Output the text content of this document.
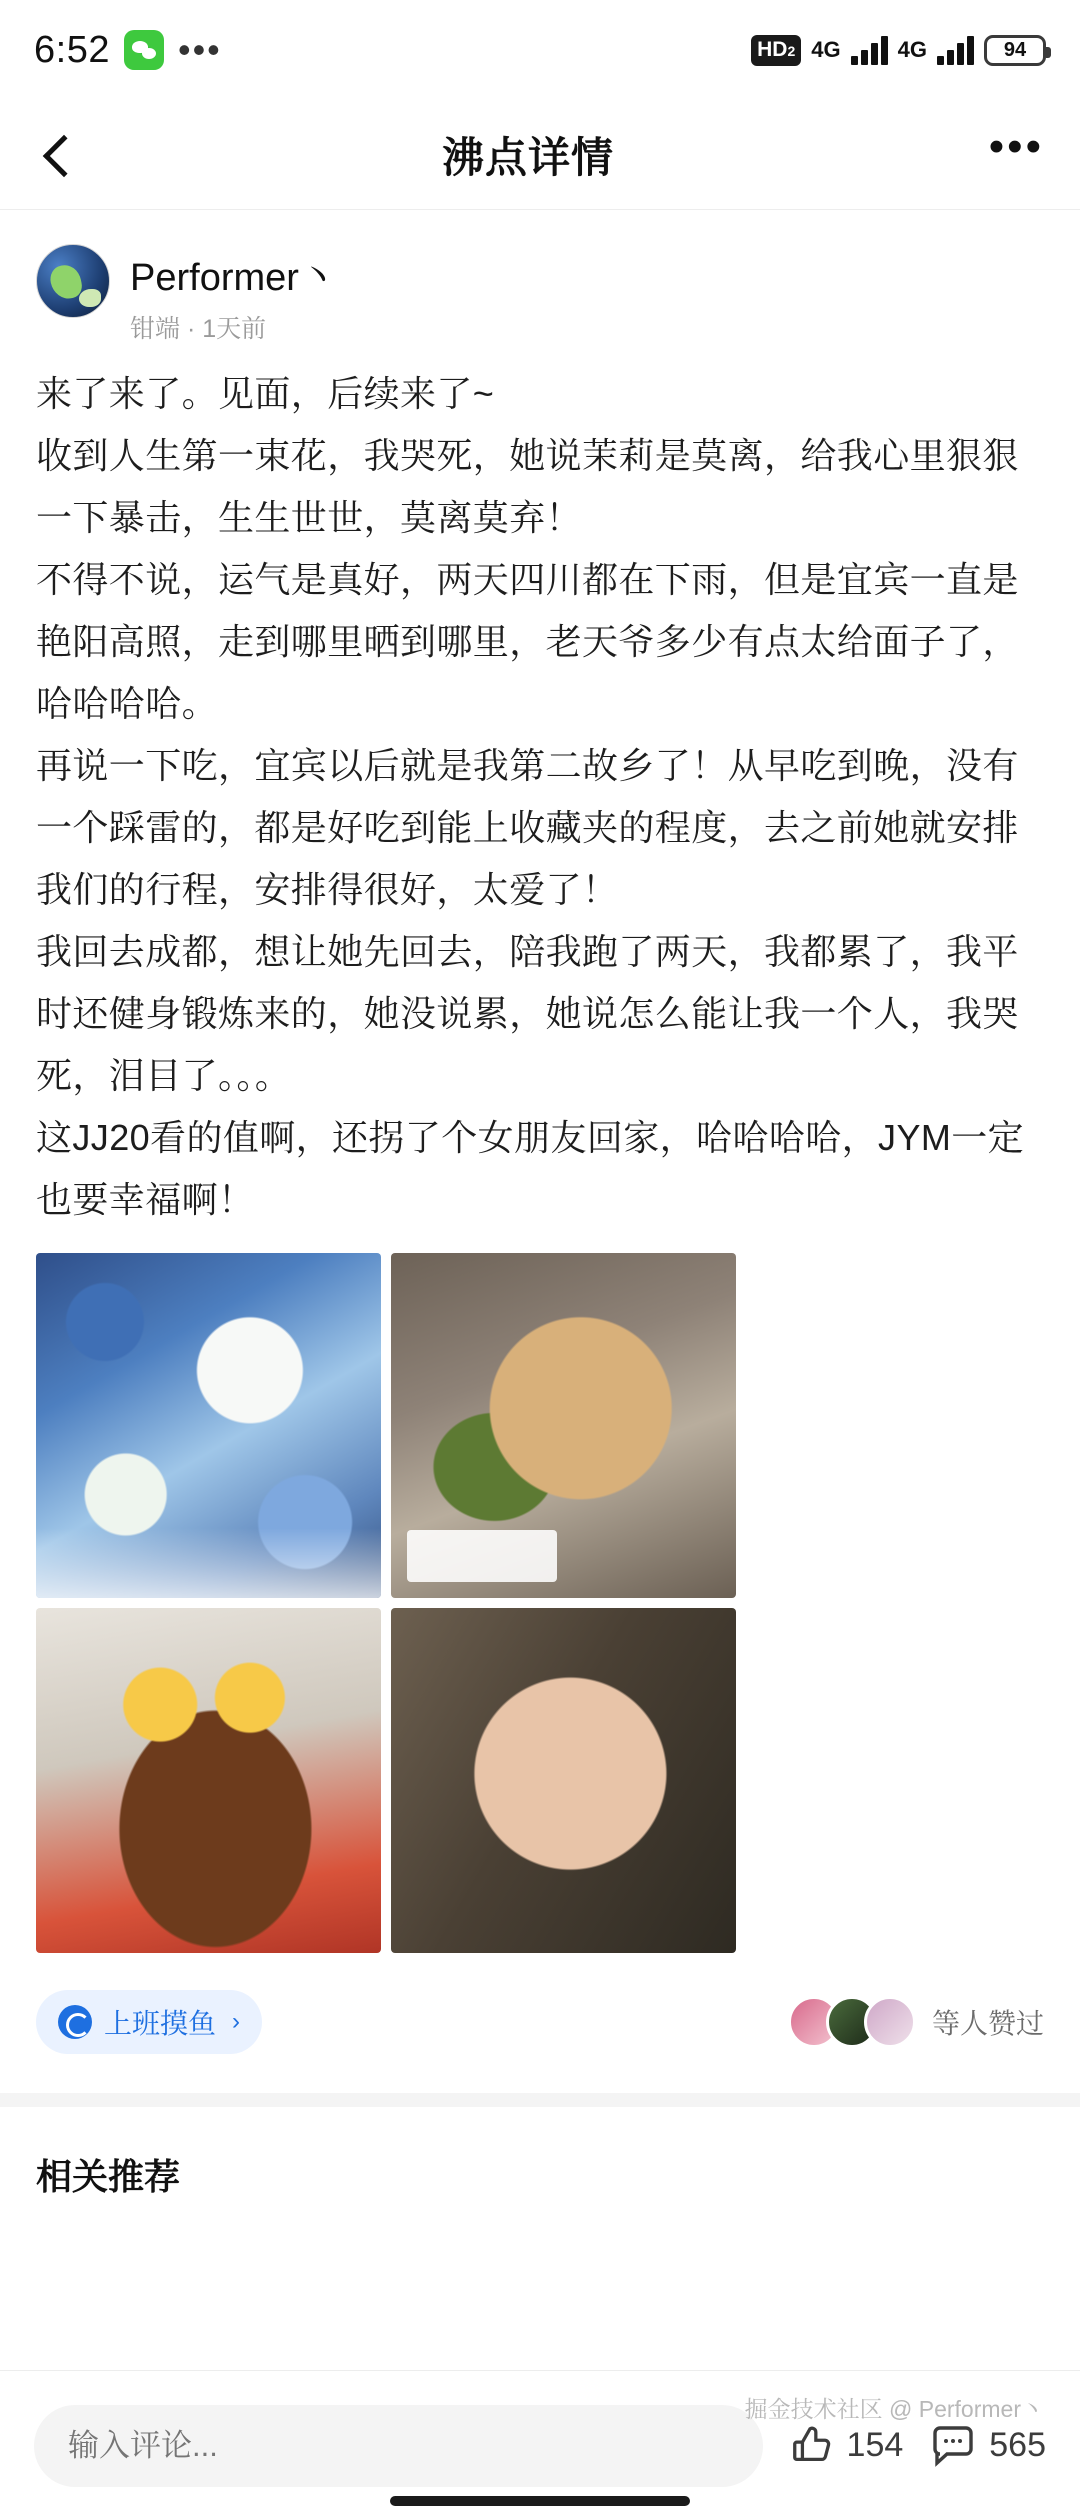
6:52 •••	HD 2 4G	4G	94
沸点详情	•••
Performer丶
钳端 · 1天前

来了来了。见面，后续来了~

收到人生第一束花，我哭死，她说茉莉是莫离，给我心里狠狠一下暴击，生生世世，莫离莫弃！

不得不说，运气是真好，两天四川都在下雨，但是宜宾一直是艳阳高照，走到哪里晒到哪里，老天爷多少有点太给面子了，哈哈哈哈。

再说一下吃，宜宾以后就是我第二故乡了！从早吃到晚，没有一个踩雷的，都是好吃到能上收藏夹的程度，去之前她就安排我们的行程，安排得很好，太爱了！

我回去成都，想让她先回去，陪我跑了两天，我都累了，我平时还健身锻炼来的，她没说累，她说怎么能让我一个人，我哭死，泪目了。。。

这JJ20看的值啊，还拐了个女朋友回家，哈哈哈哈，JYM一定也要幸福啊！

上班摸鱼 ›	等人赞过
相关推荐
输入评论...
154	565
掘金技术社区 @ Performer丶
